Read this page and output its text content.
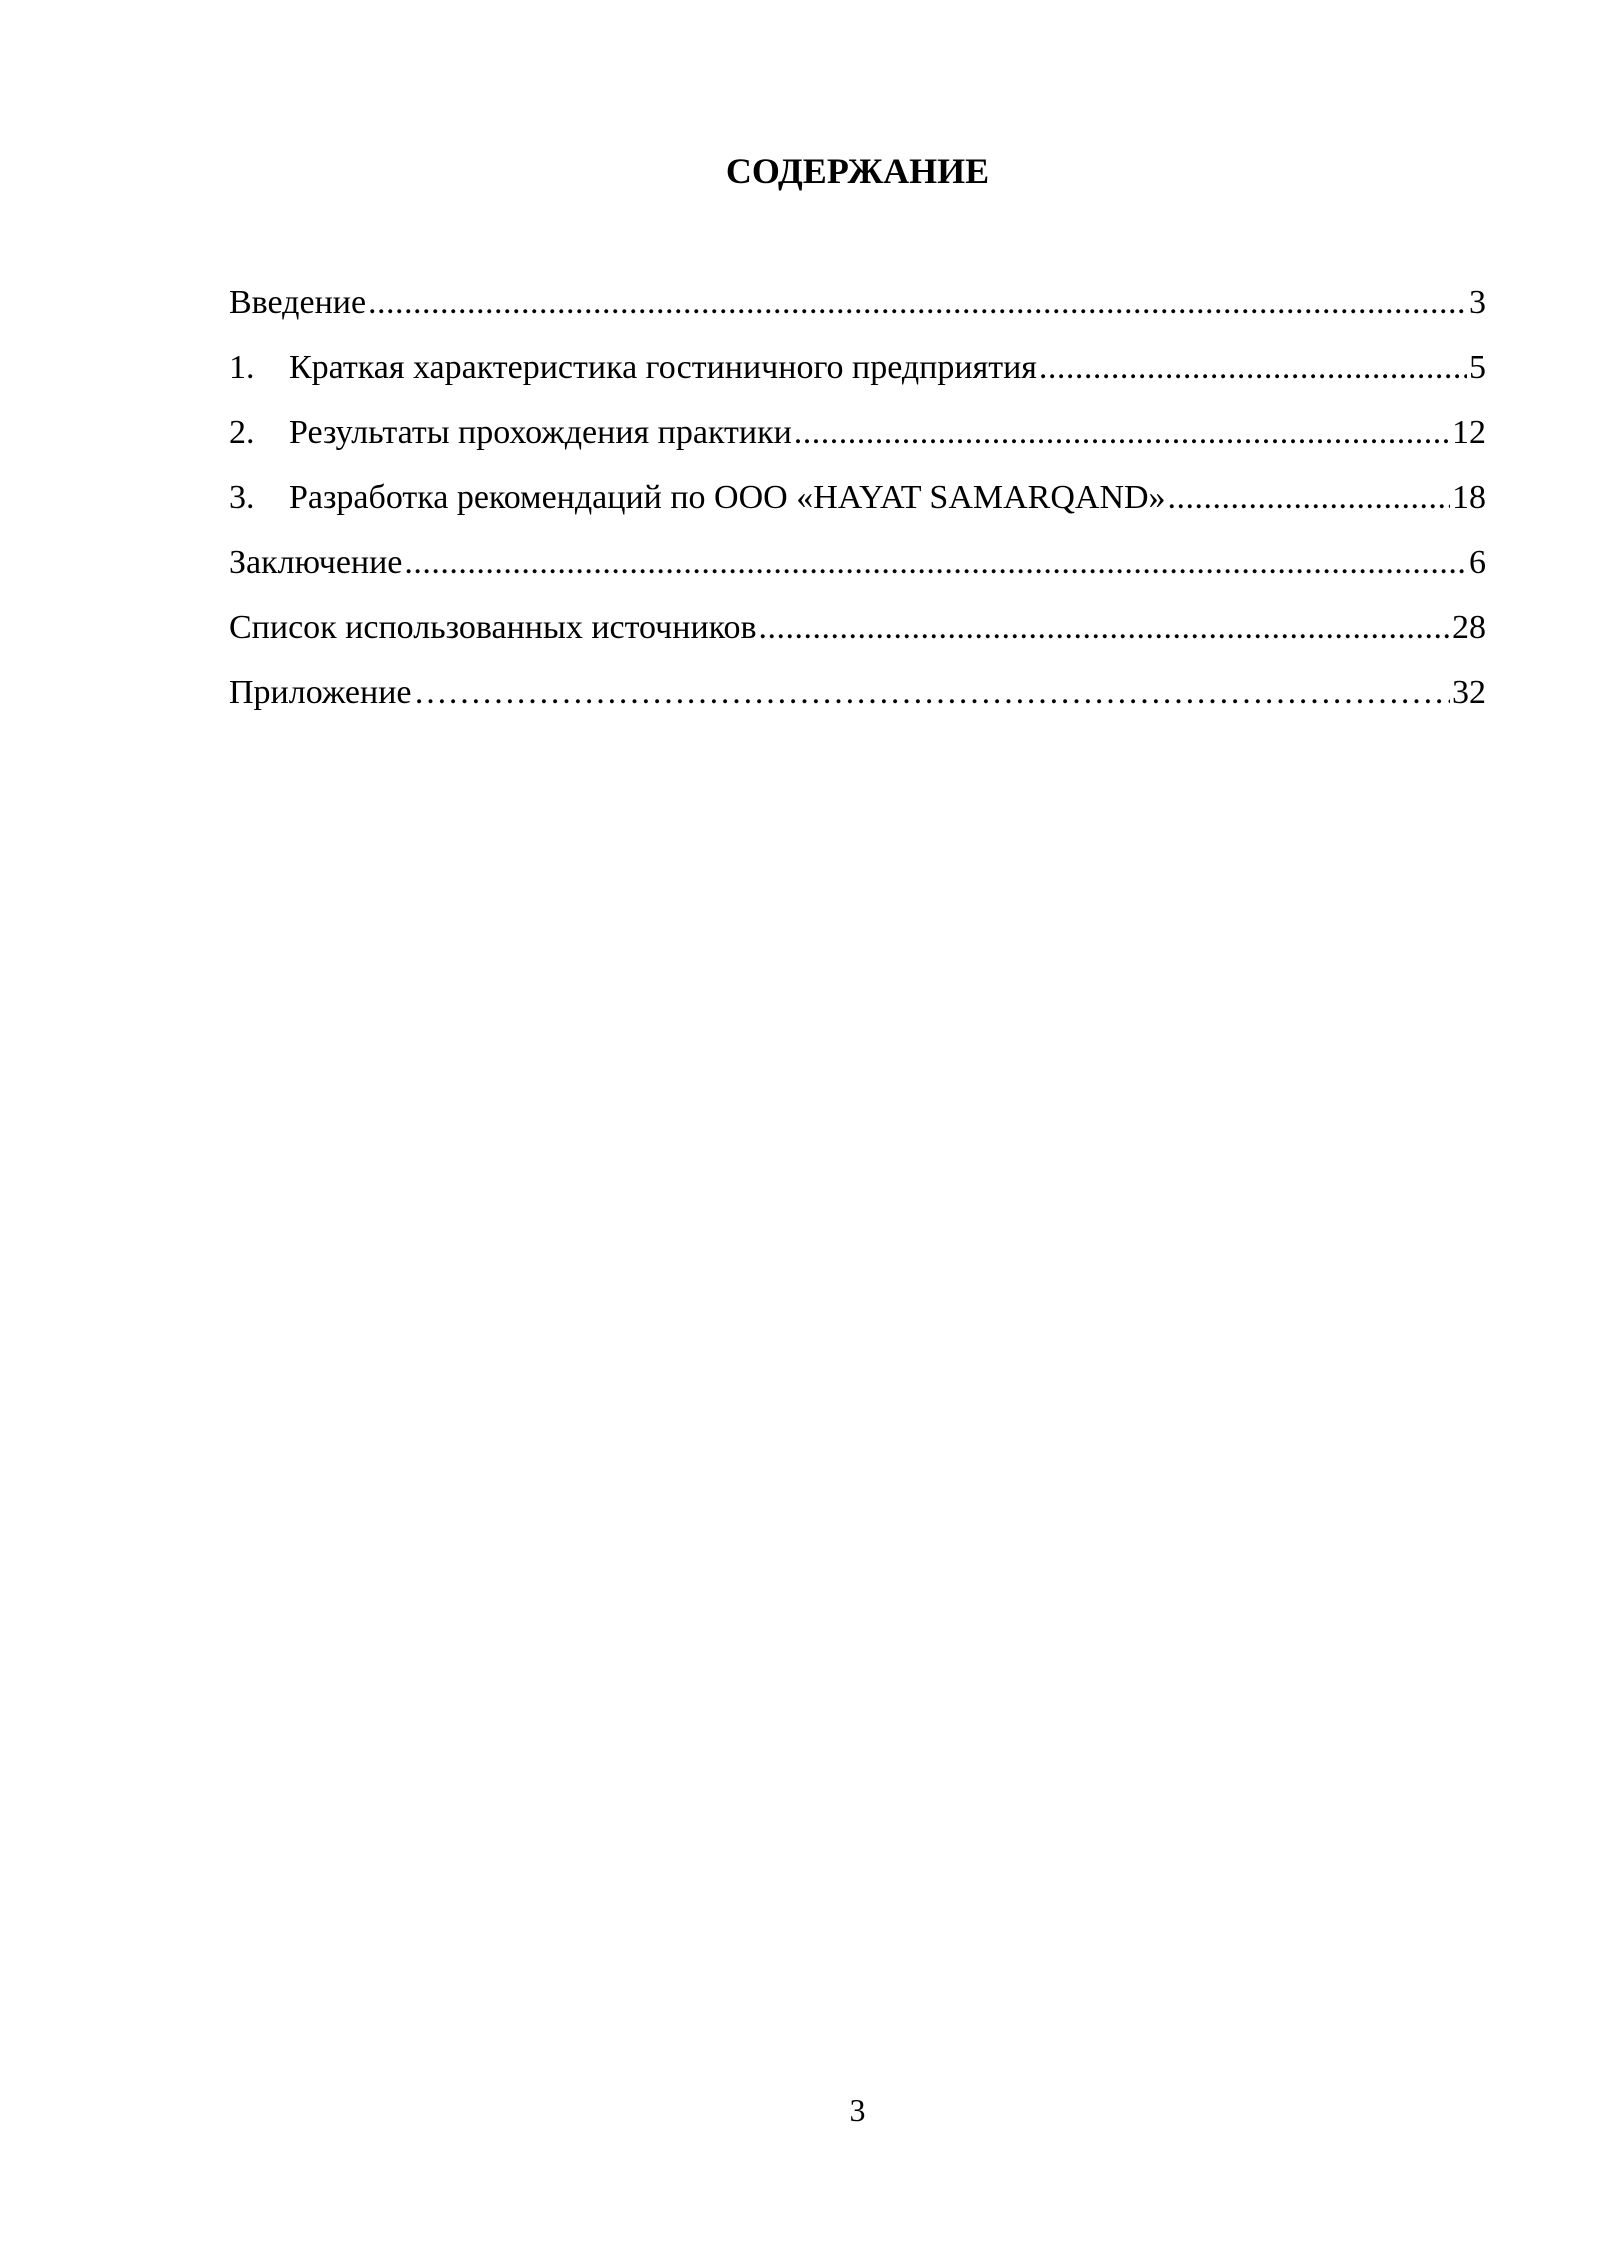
СОДЕРЖАНИЕ
Введение .....	3
1.	Краткая характеристика гостиничного предприятия .....	5
2.	Результаты прохождения практики .....	12
3.	Разработка рекомендаций по ООО «HAYAT SAMARQAND» .....	18
Заключение .....	6
Список использованных источников .....	28
Приложение …………………………………………………………………………………………………………………………………………………………………………………………	32
3
